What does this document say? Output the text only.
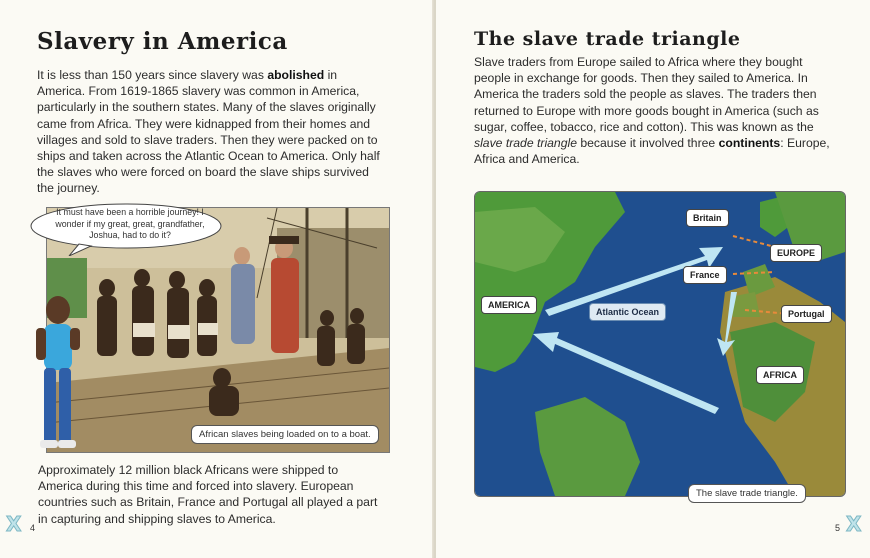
Slavery in America

It is less than 150 years since slavery was abolished in America. From 1619-1865 slavery was common in America, particularly in the southern states. Many of the slaves originally came from Africa. They were kidnapped from their homes and villages and sold to slave traders. Then they were packed on to ships and taken across the Atlantic Ocean to America. Only half the slaves who were forced on board the slave ships survived the journey.

It must have been a horrible journey! I wonder if my great, great, grandfather, Joshua, had to do it?
African slaves being loaded on to a boat.

Approximately 12 million black Africans were shipped to America during this time and forced into slavery. European countries such as Britain, France and Portugal all played a part in capturing and shipping slaves to America.

X 4
The slave trade triangle

Slave traders from Europe sailed to Africa where they bought people in exchange for goods. Then they sailed to America. In America the traders sold the people as slaves. The traders then returned to Europe with more goods bought in America (such as sugar, coffee, tobacco, rice and cotton). This was known as the slave trade triangle because it involved three continents: Europe, Africa and America.

Britain
EUROPE
France
Portugal
AMERICA
Atlantic Ocean
AFRICA
The slave trade triangle.
5 X
